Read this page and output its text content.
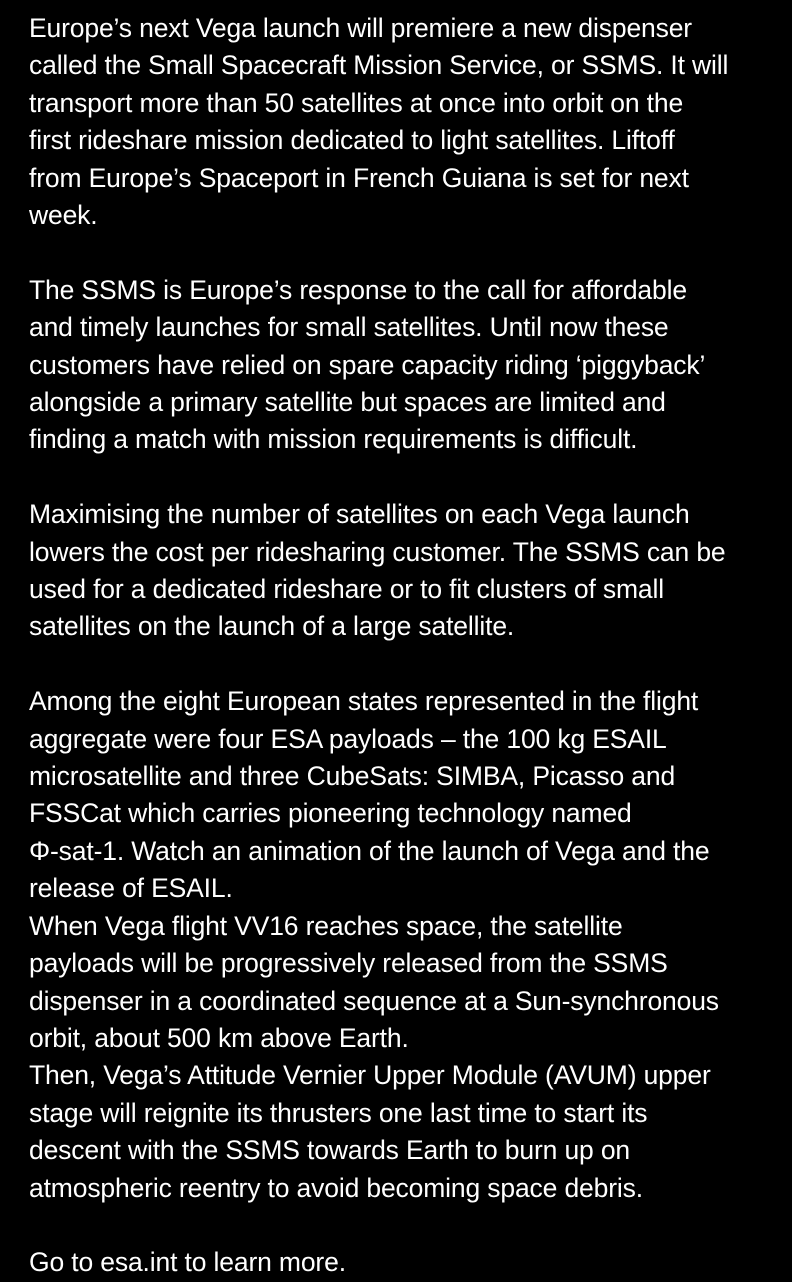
Europe’s next Vega launch will premiere a new dispenser
called the Small Spacecraft Mission Service, or SSMS. It will
transport more than 50 satellites at once into orbit on the
first rideshare mission dedicated to light satellites. Liftoff
from Europe’s Spaceport in French Guiana is set for next
week.

The SSMS is Europe’s response to the call for affordable
and timely launches for small satellites. Until now these
customers have relied on spare capacity riding ‘piggyback’
alongside a primary satellite but spaces are limited and
finding a match with mission requirements is difficult.

Maximising the number of satellites on each Vega launch
lowers the cost per ridesharing customer. The SSMS can be
used for a dedicated rideshare or to fit clusters of small
satellites on the launch of a large satellite.

Among the eight European states represented in the flight
aggregate were four ESA payloads – the 100 kg ESAIL
microsatellite and three CubeSats: SIMBA, Picasso and
FSSCat which carries pioneering technology named
Φ-sat-1. Watch an animation of the launch of Vega and the
release of ESAIL.

When Vega flight VV16 reaches space, the satellite
payloads will be progressively released from the SSMS
dispenser in a coordinated sequence at a Sun-synchronous
orbit, about 500 km above Earth.

Then, Vega’s Attitude Vernier Upper Module (AVUM) upper
stage will reignite its thrusters one last time to start its
descent with the SSMS towards Earth to burn up on
atmospheric reentry to avoid becoming space debris.

Go to esa.int to learn more.
